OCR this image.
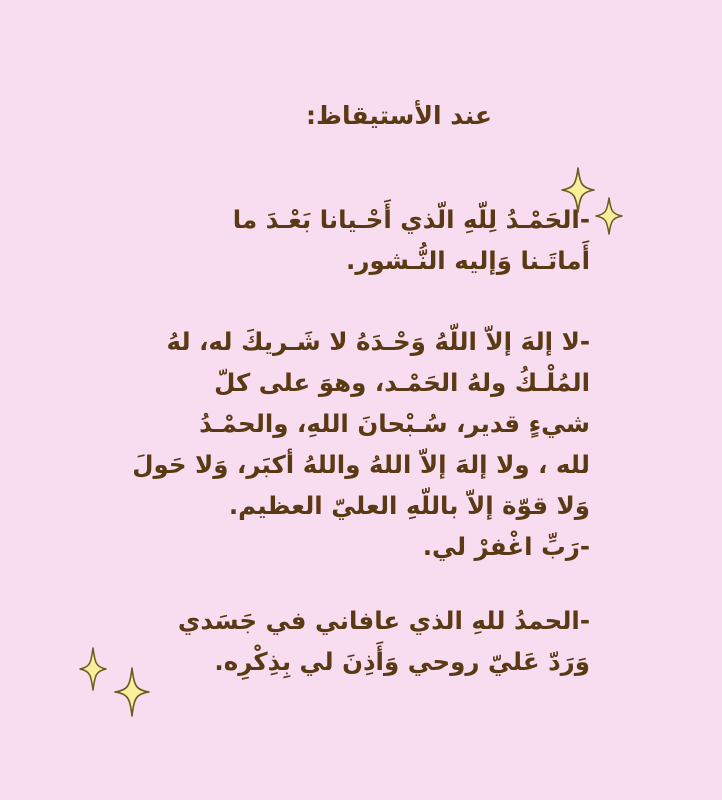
عند الأستيقاظ:
-الحَمْـدُ لِلّهِ الّذي أَحْـيانا بَعْـدَ ما
أَماتَـنا وَإليه النُّـشور.
-لا إلهَ إلاّ اللّهُ وَحْـدَهُ لا شَـريكَ له، لهُ
المُلْـكُ ولهُ الحَمْـد، وهوَ على كلّ
شيءٍ قدير، سُـبْحانَ اللهِ، والحمْـدُ
لله ، ولا إلهَ إلاّ اللهُ واللهُ أكبَر، وَلا حَولَ
وَلا قوّة إلاّ باللّهِ العليّ العظيم.
-رَبِّ اغْفرْ لي.
-الحمدُ للهِ الذي عافاني في جَسَدي
وَرَدّ عَليّ روحي وَأَذِنَ لي بِذِكْرِه.
